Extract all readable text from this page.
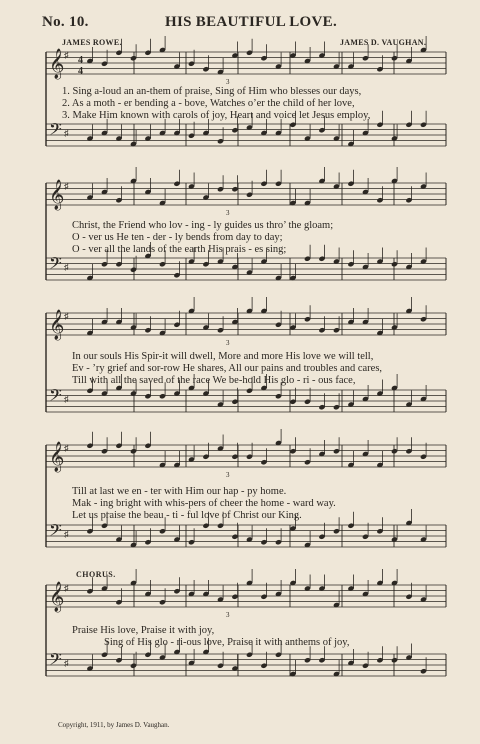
No. 10.	HIS BEAUTIFUL LOVE.
JAMES ROWE.	JAMES D. VAUGHAN.
𝄞 ♯
𝄢 ♯
3
𝄞 ♯
𝄢 ♯
3
𝄞 ♯
𝄢 ♯
3
𝄞 ♯
𝄢 ♯
3
𝄞 ♯
𝄢 ♯
3
4
4
1. Sing a-loud an an-them of praise, Sing of Him who blesses our days,
2. As a moth - er bending a - bove, Watches o’er the child of her love,
3. Make Him known with carols of joy, Heart and voice let Jesus employ,
Christ, the Friend who lov - ing - ly guides us thro’ the gloam;
O - ver us He ten - der - ly bends from day to day;
O - ver all the lands of the earth His prais - es sing;
In our souls His Spir-it will dwell, More and more His love we will tell,
Ev - ’ry grief and sor-row He shares, All our pains and troubles and cares,
Till with all the saved of the race We be-hold His glo - ri - ous face,
Till at last we en - ter with Him our hap - py home.
Mak - ing bright with whis-pers of cheer the home - ward way.
Let us praise the beau - ti - ful love of Christ our King.
CHORUS.
Praise His love, Praise it with joy,
Sing of His glo - ri-ous love, Praise it with anthems of joy,
Copyright, 1911, by James D. Vaughan.
